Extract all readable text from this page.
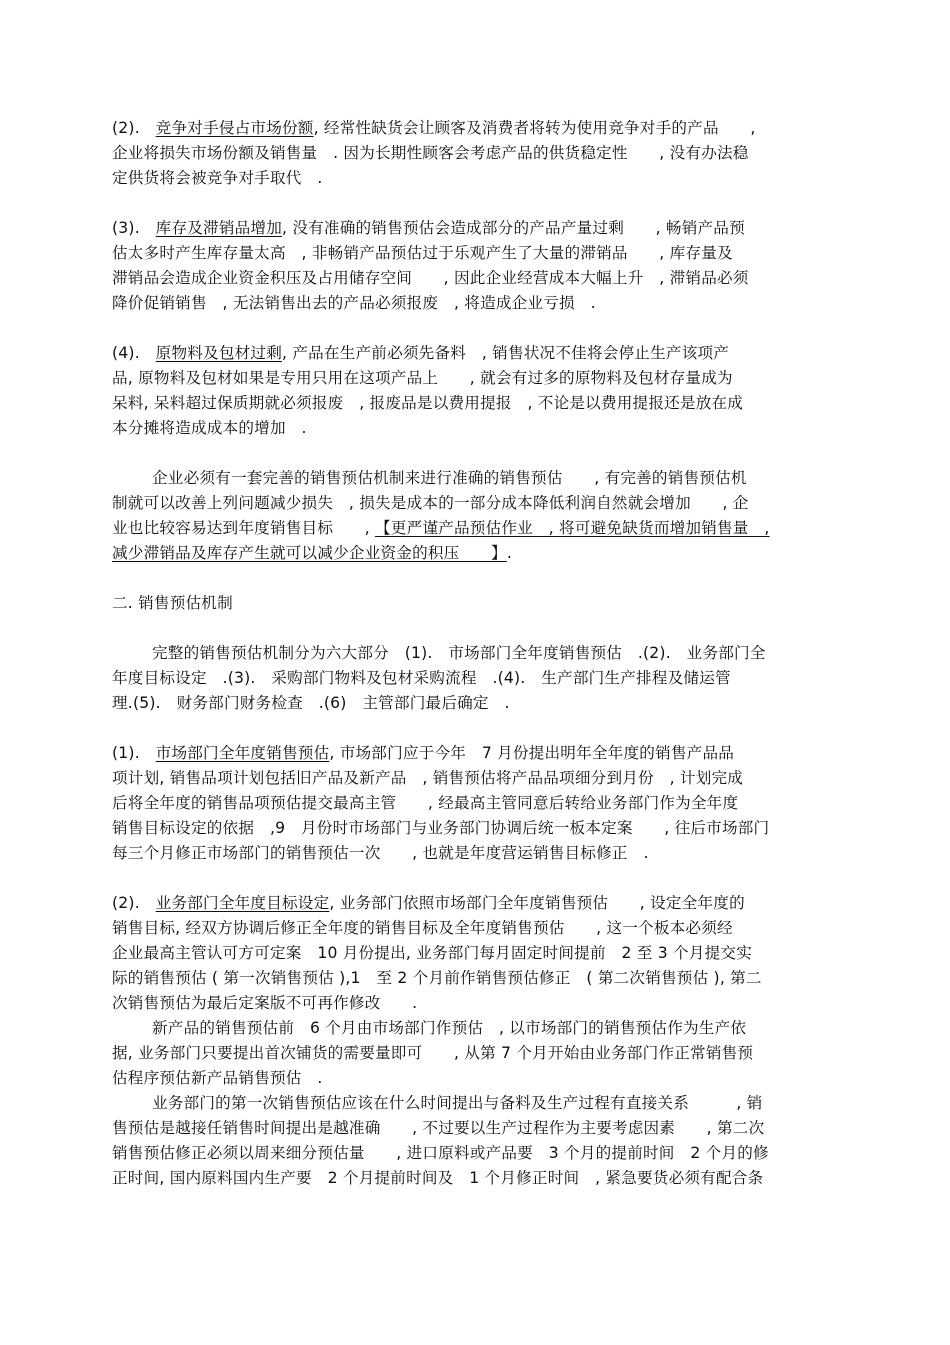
(2).　 竞争对手侵占市场份额, 经常性缺货会让顾客及消费者将转为使用竞争对手的产品　　,
企业将损失市场份额及销售量　. 因为长期性顾客会考虑产品的供货稳定性　　, 没有办法稳
定供货将会被竞争对手取代　.
(3).　 库存及滞销品增加, 没有准确的销售预估会造成部分的产品产量过剩　　, 畅销产品预
估太多时产生库存量太高　, 非畅销产品预估过于乐观产生了大量的滞销品　　, 库存量及
滞销品会造成企业资金积压及占用储存空间　　, 因此企业经营成本大幅上升　, 滞销品必须
降价促销销售　, 无法销售出去的产品必须报废　, 将造成企业亏损　.
(4).　 原物料及包材过剩, 产品在生产前必须先备料　, 销售状况不佳将会停止生产该项产
品, 原物料及包材如果是专用只用在这项产品上　　, 就会有过多的原物料及包材存量成为
呆料, 呆料超过保质期就必须报废　, 报废品是以费用提报　, 不论是以费用提报还是放在成
本分摊将造成成本的增加　.
企业必须有一套完善的销售预估机制来进行准确的销售预估　　, 有完善的销售预估机
制就可以改善上列问题减少损失　, 损失是成本的一部分成本降低利润自然就会增加　　, 企
业也比较容易达到年度销售目标　　, 【更严谨产品预估作业　, 将可避免缺货而增加销售量　,
减少滞销品及库存产生就可以减少企业资金的积压　　】.
二. 销售预估机制
完整的销售预估机制分为六大部分　(1).　市场部门全年度销售预估　.(2).　业务部门全
年度目标设定　.(3).　采购部门物料及包材采购流程　.(4).　生产部门生产排程及储运管
理.(5).　财务部门财务检查　.(6)　主管部门最后确定　.
(1).　 市场部门全年度销售预估, 市场部门应于今年　7 月份提出明年全年度的销售产品品
项计划, 销售品项计划包括旧产品及新产品　, 销售预估将产品品项细分到月份　, 计划完成
后将全年度的销售品项预估提交最高主管　　, 经最高主管同意后转给业务部门作为全年度
销售目标设定的依据　,9　月份时市场部门与业务部门协调后统一板本定案　　, 往后市场部门
每三个月修正市场部门的销售预估一次　　, 也就是年度营运销售目标修正　.
(2).　 业务部门全年度目标设定, 业务部门依照市场部门全年度销售预估　　, 设定全年度的
销售目标, 经双方协调后修正全年度的销售目标及全年度销售预估　　, 这一个板本必须经
企业最高主管认可方可定案　10 月份提出, 业务部门每月固定时间提前　2 至 3 个月提交实
际的销售预估 ( 第一次销售预估 ),1　至 2 个月前作销售预估修正　( 第二次销售预估 ), 第二
次销售预估为最后定案版不可再作修改　　.
新产品的销售预估前　6 个月由市场部门作预估　, 以市场部门的销售预估作为生产依
据, 业务部门只要提出首次铺货的需要量即可　　, 从第 7 个月开始由业务部门作正常销售预
估程序预估新产品销售预估　.
业务部门的第一次销售预估应该在什么时间提出与备料及生产过程有直接关系　　　, 销
售预估是越接任销售时间提出是越准确　　, 不过要以生产过程作为主要考虑因素　　, 第二次
销售预估修正必须以周来细分预估量　　, 进口原料或产品要　3 个月的提前时间　2 个月的修
正时间, 国内原料国内生产要　2 个月提前时间及　1 个月修正时间　, 紧急要货必须有配合条
